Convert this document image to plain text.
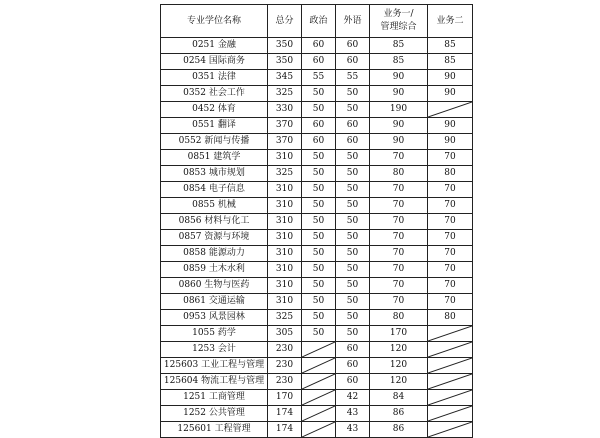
专业学位名称	总分	政治	外语	业务一/
管理综合	业务二
0251 金融	350	60	60	85	85
0254 国际商务	350	60	60	85	85
0351 法律	345	55	55	90	90
0352 社会工作	325	50	50	90	90
0452 体育	330	50	50	190	

0551 翻译	370	60	60	90	90
0552 新闻与传播	370	60	60	90	90
0851 建筑学	310	50	50	70	70
0853 城市规划	325	50	50	80	80
0854 电子信息	310	50	50	70	70
0855 机械	310	50	50	70	70
0856 材料与化工	310	50	50	70	70
0857 资源与环境	310	50	50	70	70
0858 能源动力	310	50	50	70	70
0859 土木水利	310	50	50	70	70
0860 生物与医药	310	50	50	70	70
0861 交通运输	310	50	50	70	70
0953 风景园林	325	50	50	80	80
1055 药学	305	50	50	170	

1253 会计	230		60	120	

125603 工业工程与管理	230		60	120	

125604 物流工程与管理	230		60	120	

1251 工商管理	170		42	84	

1252 公共管理	174		43	86	

125601 工程管理	174		43	86	
